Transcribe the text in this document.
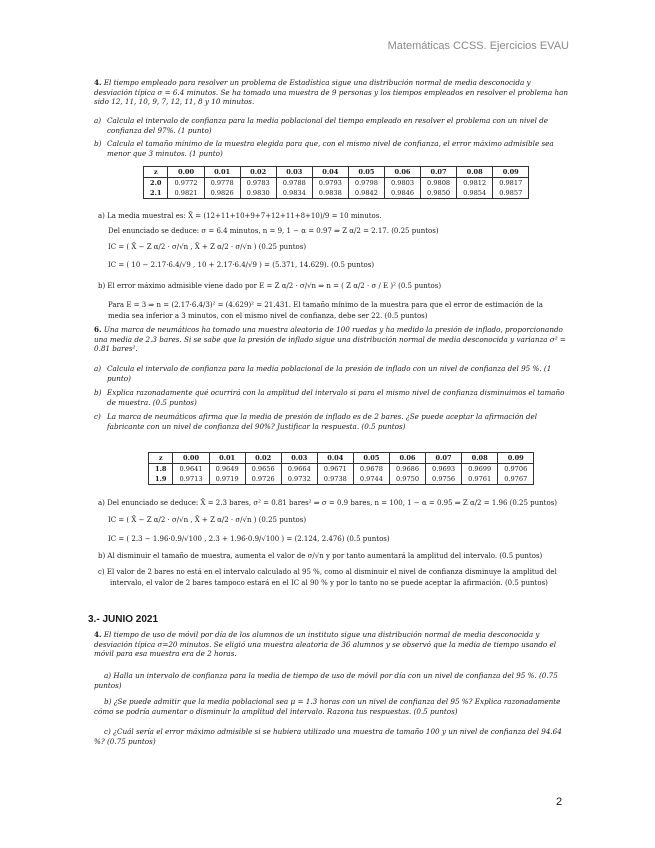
Matemáticas CCSS. Ejercicios EVAU
4. El tiempo empleado para resolver un problema de Estadística sigue una distribución normal de media desconocida y desviación típica σ = 6.4 minutos. Se ha tomado una muestra de 9 personas y los tiempos empleados en resolver el problema han sido 12, 11, 10, 9, 7, 12, 11, 8 y 10 minutos.
a) Calcula el intervalo de confianza para la media poblacional del tiempo empleado en resolver el problema con un nivel de confianza del 97%. (1 punto)
b) Calcula el tamaño mínimo de la muestra elegida para que, con el mismo nivel de confianza, el error máximo admisible sea menor que 3 minutos. (1 punto)
z	0.00	0.01	0.02	0.03	0.04	0.05	0.06	0.07	0.08	0.09
2.0	0.9772	0.9778	0.9783	0.9788	0.9793	0.9798	0.9803	0.9808	0.9812	0.9817
2.1	0.9821	0.9826	0.9830	0.9834	0.9838	0.9842	0.9846	0.9850	0.9854	0.9857
a) La media muestral es: X̄ = (12+11+10+9+7+12+11+8+10)/9 = 10 minutos.
Del enunciado se deduce: σ = 6.4 minutos, n = 9, 1 − α = 0.97 ⇒ Z α/2 = 2.17. (0.25 puntos)
IC = ( X̄ − Z α/2 · σ/√n , X̄ + Z α/2 · σ/√n ) (0.25 puntos)
IC = ( 10 − 2.17·6.4/√9 , 10 + 2.17·6.4/√9 ) = (5.371, 14.629). (0.5 puntos)
b) El error máximo admisible viene dado por E = Z α/2 · σ/√n ⇒ n = ( Z α/2 · σ / E )² (0.5 puntos)
Para E = 3 ⇒ n = (2.17·6.4/3)² = (4.629)² = 21.431. El tamaño mínimo de la muestra para que el error de estimación de la
media sea inferior a 3 minutos, con el mismo nivel de confianza, debe ser 22. (0.5 puntos)
6. Una marca de neumáticos ha tomado una muestra aleatoria de 100 ruedas y ha medido la presión de inflado, proporcionando una media de 2.3 bares. Si se sabe que la presión de inflado sigue una distribución normal de media desconocida y varianza σ² = 0.81 bares².
a) Calcula el intervalo de confianza para la media poblacional de la presión de inflado con un nivel de confianza del 95 %. (1 punto)
b) Explica razonadamente qué ocurrirá con la amplitud del intervalo si para el mismo nivel de confianza disminuimos el tamaño de muestra. (0.5 puntos)
c) La marca de neumáticos afirma que la media de presión de inflado es de 2 bares. ¿Se puede aceptar la afirmación del fabricante con un nivel de confianza del 90%? Justificar la respuesta. (0.5 puntos)
z	0.00	0.01	0.02	0.03	0.04	0.05	0.06	0.07	0.08	0.09
1.8	0.9641	0.9649	0.9656	0.9664	0.9671	0.9678	0.9686	0.9693	0.9699	0.9706
1.9	0.9713	0.9719	0.9726	0.9732	0.9738	0.9744	0.9750	0.9756	0.9761	0.9767
a) Del enunciado se deduce: X̄ = 2.3 bares, σ² = 0.81 bares² ⇒ σ = 0.9 bares, n = 100, 1 − α = 0.95 ⇒ Z α/2 = 1.96 (0.25 puntos)
IC = ( X̄ − Z α/2 · σ/√n , X̄ + Z α/2 · σ/√n ) (0.25 puntos)
IC = ( 2.3 − 1.96·0.9/√100 , 2.3 + 1.96·0.9/√100 ) = (2.124, 2.476) (0.5 puntos)
b) Al disminuir el tamaño de muestra, aumenta el valor de σ/√n y por tanto aumentará la amplitud del intervalo. (0.5 puntos)
c) El valor de 2 bares no está en el intervalo calculado al 95 %, como al disminuir el nivel de confianza disminuye la amplitud del
intervalo, el valor de 2 bares tampoco estará en el IC al 90 % y por lo tanto no se puede aceptar la afirmación. (0.5 puntos)
3.- JUNIO 2021
4. El tiempo de uso de móvil por día de los alumnos de un instituto sigue una distribución normal de media desconocida y desviación típica σ=20 minutos. Se eligió una muestra aleatoria de 36 alumnos y se observó que la media de tiempo usando el móvil para esa muestra era de 2 horas.
a) Halla un intervalo de confianza para la media de tiempo de uso de móvil por día con un nivel de confianza del 95 %. (0.75 puntos)
b) ¿Se puede admitir que la media poblacional sea μ = 1.3 horas con un nivel de confianza del 95 %? Explica razonadamente cómo se podría aumentar o disminuir la amplitud del intervalo. Razona tus respuestas. (0.5 puntos)
c) ¿Cuál sería el error máximo admisible si se hubiera utilizado una muestra de tamaño 100 y un nivel de confianza del 94.64 %? (0.75 puntos)
2
